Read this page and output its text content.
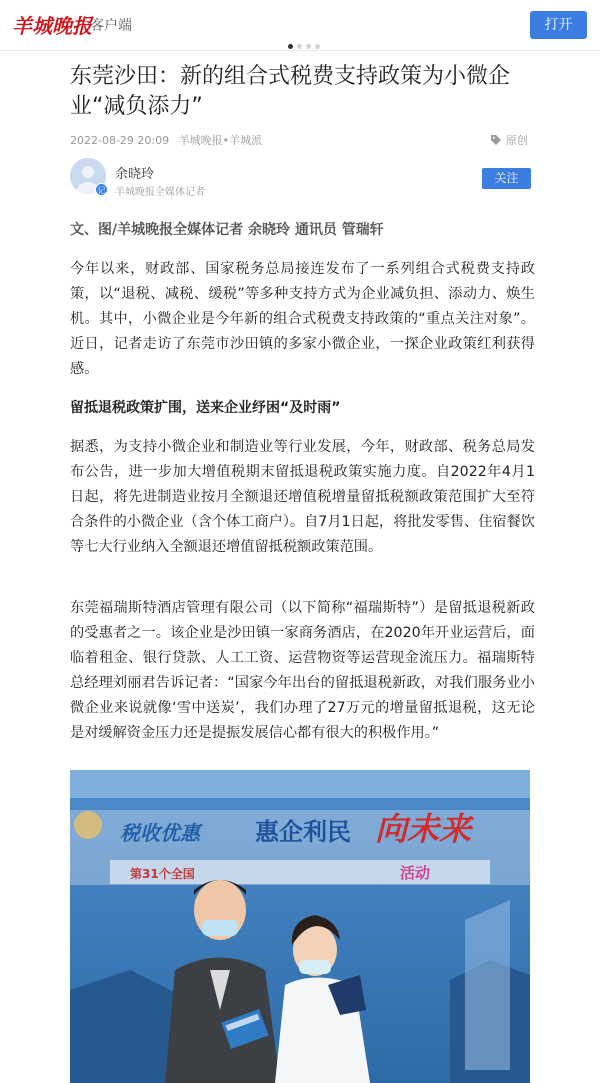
羊城晚报
客户端	打开
东莞沙田：新的组合式税费支持政策为小微企业“减负添力”
2022-08-29 20:09 羊城晚报•羊城派	原创
记
余晓玲
羊城晚报全媒体记者
关注
文、图/羊城晚报全媒体记者 余晓玲 通讯员 管瑞轩

今年以来，财政部、国家税务总局接连发布了一系列组合式税费支持政策，以“退税、减税、缓税”等多种支持方式为企业减负担、添动力、焕生机。其中，小微企业是今年新的组合式税费支持政策的“重点关注对象”。近日，记者走访了东莞市沙田镇的多家小微企业，一探企业政策红利获得感。

留抵退税政策扩围，送来企业纾困“及时雨”

据悉，为支持小微企业和制造业等行业发展，今年，财政部、税务总局发布公告，进一步加大增值税期末留抵退税政策实施力度。自2022年4月1日起，将先进制造业按月全额退还增值税增量留抵税额政策范围扩大至符合条件的小微企业（含个体工商户）。自7月1日起，将批发零售、住宿餐饮等七大行业纳入全额退还增值留抵税额政策范围。

东莞福瑞斯特酒店管理有限公司（以下简称“福瑞斯特”）是留抵退税新政的受惠者之一。该企业是沙田镇一家商务酒店，在2020年开业运营后，面临着租金、银行贷款、人工工资、运营物资等运营现金流压力。福瑞斯特总经理刘丽君告诉记者：“国家今年出台的留抵退税新政，对我们服务业小微企业来说就像‘雪中送炭’，我们办理了27万元的增量留抵退税，这无论是对缓解资金压力还是提振发展信心都有很大的积极作用。”

税收优惠 惠企利民 向未来
第31个全国	活动
